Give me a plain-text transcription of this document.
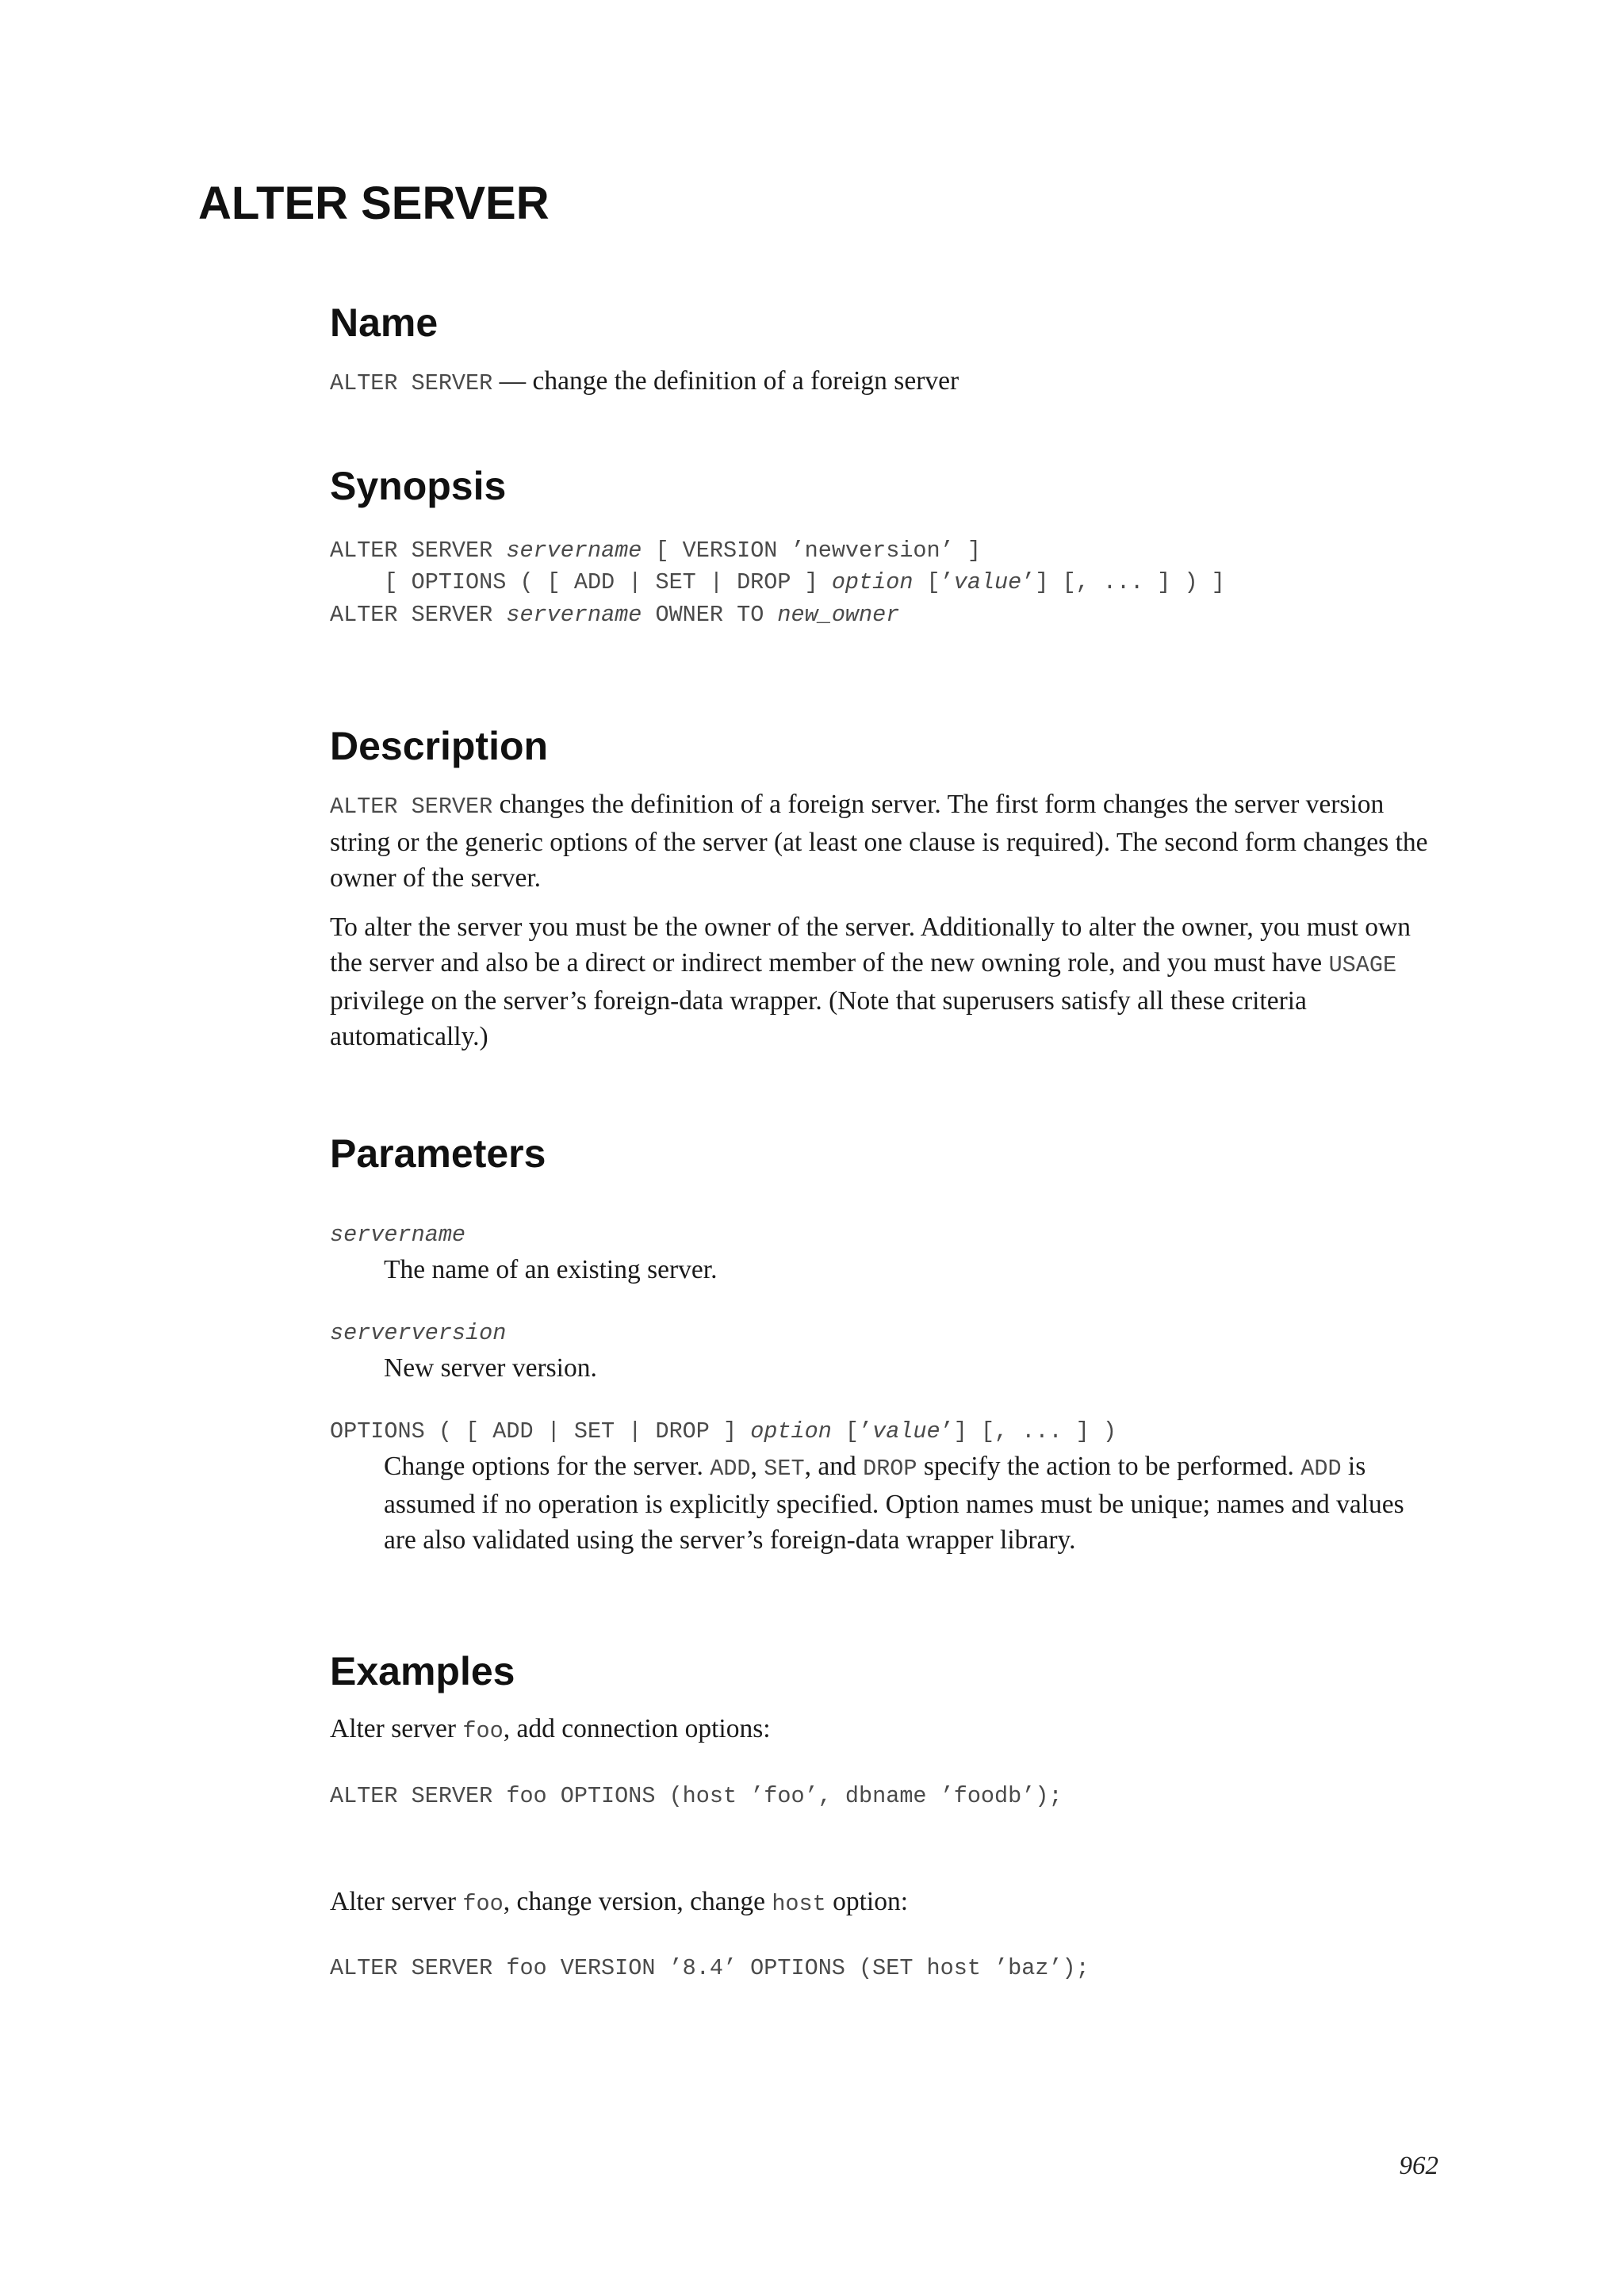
ALTER SERVER
Name

ALTER SERVER — change the definition of a foreign server

Synopsis
ALTER SERVER servername [ VERSION ’newversion’ ]
[ OPTIONS ( [ ADD | SET | DROP ] option [’value’] [, ... ] ) ]
ALTER SERVER servername OWNER TO new_owner
Description

ALTER SERVER changes the definition of a foreign server. The first form changes the server version string or the generic options of the server (at least one clause is required). The second form changes the owner of the server.

To alter the server you must be the owner of the server. Additionally to alter the owner, you must own the server and also be a direct or indirect member of the new owning role, and you must have USAGE privilege on the server’s foreign-data wrapper. (Note that superusers satisfy all these criteria automatically.)

Parameters
servername

The name of an existing server.

serverversion

New server version.

OPTIONS ( [ ADD | SET | DROP ] option [’value’] [, ... ] )

Change options for the server. ADD, SET, and DROP specify the action to be performed. ADD is assumed if no operation is explicitly specified. Option names must be unique; names and values are also validated using the server’s foreign-data wrapper library.

Examples

Alter server foo, add connection options:

ALTER SERVER foo OPTIONS (host ’foo’, dbname ’foodb’);

Alter server foo, change version, change host option:

ALTER SERVER foo VERSION ’8.4’ OPTIONS (SET host ’baz’);

962
